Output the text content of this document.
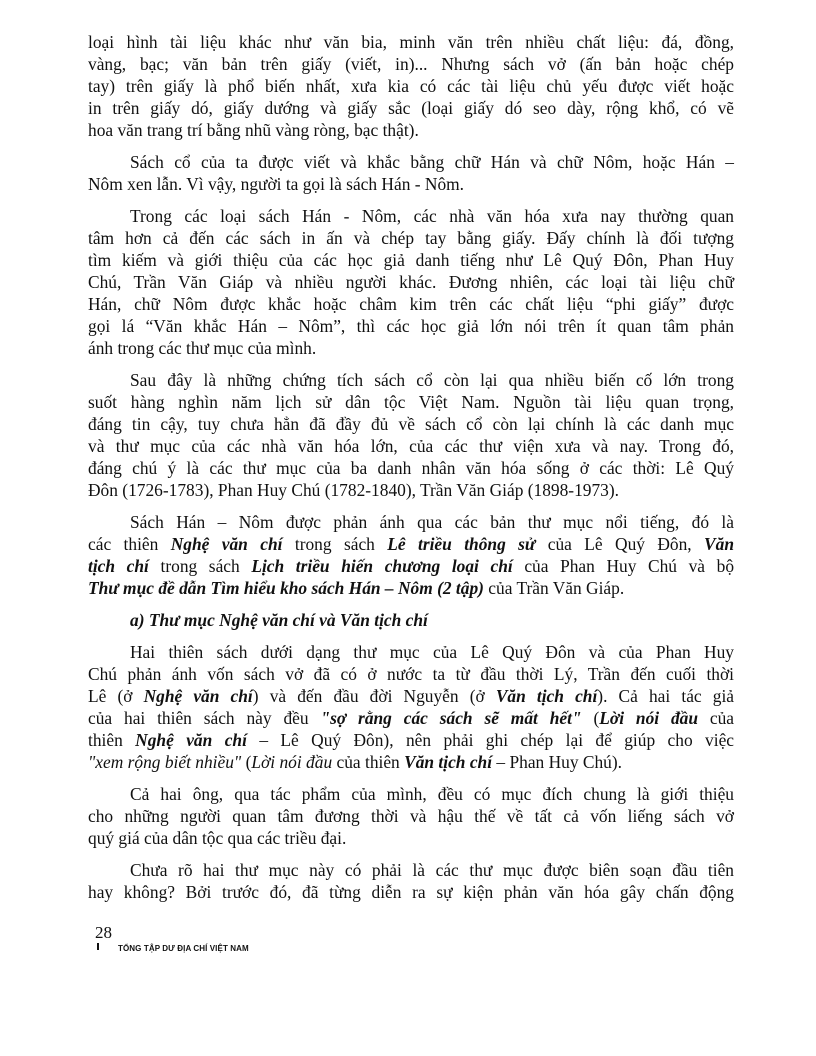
loại hình tài liệu khác như văn bia, minh văn trên nhiều chất liệu: đá, đồng,
vàng, bạc; văn bản trên giấy (viết, in)... Nhưng sách vở (ấn bản hoặc chép
tay) trên giấy là phổ biến nhất, xưa kia có các tài liệu chủ yếu được viết hoặc
in trên giấy dó, giấy dướng và giấy sắc (loại giấy dó seo dày, rộng khổ, có vẽ
hoa văn trang trí bằng nhũ vàng ròng, bạc thật).
Sách cổ của ta được viết và khắc bằng chữ Hán và chữ Nôm, hoặc Hán –
Nôm xen lẫn. Vì vậy, người ta gọi là sách Hán - Nôm.
Trong các loại sách Hán - Nôm, các nhà văn hóa xưa nay thường quan
tâm hơn cả đến các sách in ấn và chép tay bằng giấy. Đấy chính là đối tượng
tìm kiếm và giới thiệu của các học giả danh tiếng như Lê Quý Đôn, Phan Huy
Chú, Trần Văn Giáp và nhiều người khác. Đương nhiên, các loại tài liệu chữ
Hán, chữ Nôm được khắc hoặc châm kim trên các chất liệu “phi giấy” được
gọi lá “Văn khắc Hán – Nôm”, thì các học giả lớn nói trên ít quan tâm phản
ánh trong các thư mục của mình.
Sau đây là những chứng tích sách cổ còn lại qua nhiều biến cố lớn trong
suốt hàng nghìn năm lịch sử dân tộc Việt Nam. Nguồn tài liệu quan trọng,
đáng tin cậy, tuy chưa hẳn đã đầy đủ về sách cổ còn lại chính là các danh mục
và thư mục của các nhà văn hóa lớn, của các thư viện xưa và nay. Trong đó,
đáng chú ý là các thư mục của ba danh nhân văn hóa sống ở các thời: Lê Quý
Đôn (1726-1783), Phan Huy Chú (1782-1840), Trần Văn Giáp (1898-1973).
Sách Hán – Nôm được phản ánh qua các bản thư mục nổi tiếng, đó là
các thiên Nghệ văn chí trong sách Lê triều thông sử của Lê Quý Đôn, Văn
tịch chí trong sách Lịch triều hiến chương loại chí của Phan Huy Chú và bộ
Thư mục đề dẫn Tìm hiểu kho sách Hán – Nôm (2 tập) của Trần Văn Giáp.
a) Thư mục Nghệ văn chí và Văn tịch chí
Hai thiên sách dưới dạng thư mục của Lê Quý Đôn và của Phan Huy
Chú phản ánh vốn sách vở đã có ở nước ta từ đầu thời Lý, Trần đến cuối thời
Lê (ở Nghệ văn chí) và đến đầu đời Nguyễn (ở Văn tịch chí). Cả hai tác giả
của hai thiên sách này đều "sợ rằng các sách sẽ mất hết" (Lời nói đầu của
thiên Nghệ văn chí – Lê Quý Đôn), nên phải ghi chép lại để giúp cho việc
"xem rộng biết nhiều" (Lời nói đầu của thiên Văn tịch chí – Phan Huy Chú).
Cả hai ông, qua tác phẩm của mình, đều có mục đích chung là giới thiệu
cho những người quan tâm đương thời và hậu thế về tất cả vốn liếng sách vở
quý giá của dân tộc qua các triều đại.
Chưa rõ hai thư mục này có phải là các thư mục được biên soạn đầu tiên
hay không? Bởi trước đó, đã từng diễn ra sự kiện phản văn hóa gây chấn động
28
TỔNG TẬP DƯ ĐỊA CHÍ VIỆT NAM
